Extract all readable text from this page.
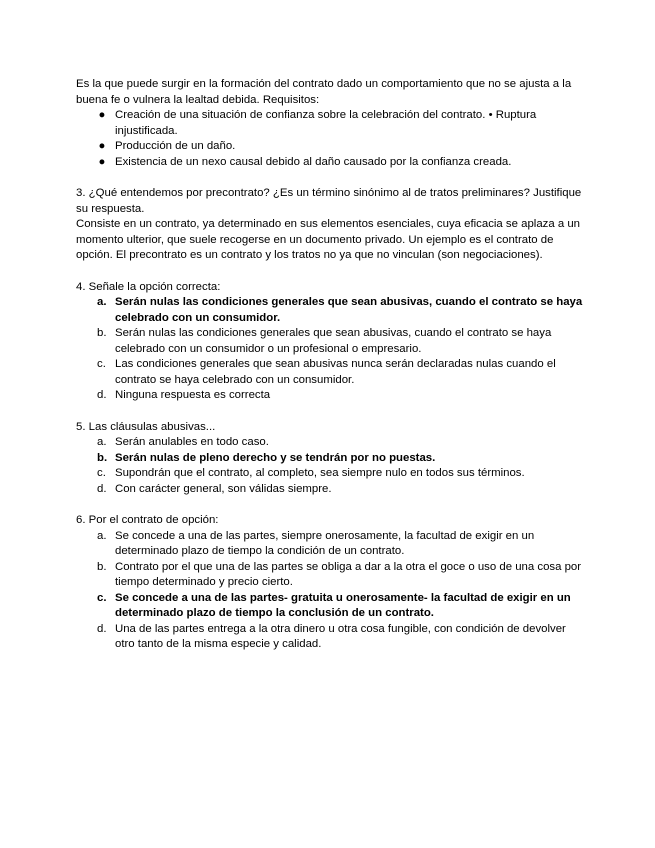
Es la que puede surgir en la formación del contrato dado un comportamiento que no se ajusta a la buena fe o vulnera la lealtad debida. Requisitos:

● Creación de una situación de confianza sobre la celebración del contrato. • Ruptura injustificada.
● Producción de un daño.
● Existencia de un nexo causal debido al daño causado por la confianza creada.

3. ¿Qué entendemos por precontrato? ¿Es un término sinónimo al de tratos preliminares? Justifique su respuesta.

Consiste en un contrato, ya determinado en sus elementos esenciales, cuya eficacia se aplaza a un momento ulterior, que suele recogerse en un documento privado. Un ejemplo es el contrato de opción. El precontrato es un contrato y los tratos no ya que no vinculan (son negociaciones).

4. Señale la opción correcta:

a. Serán nulas las condiciones generales que sean abusivas, cuando el contrato se haya celebrado con un consumidor.
b. Serán nulas las condiciones generales que sean abusivas, cuando el contrato se haya celebrado con un consumidor o un profesional o empresario.
c. Las condiciones generales que sean abusivas nunca serán declaradas nulas cuando el contrato se haya celebrado con un consumidor.
d. Ninguna respuesta es correcta

5. Las cláusulas abusivas...

a. Serán anulables en todo caso.
b. Serán nulas de pleno derecho y se tendrán por no puestas.
c. Supondrán que el contrato, al completo, sea siempre nulo en todos sus términos.
d. Con carácter general, son válidas siempre.

6. Por el contrato de opción:

a. Se concede a una de las partes, siempre onerosamente, la facultad de exigir en un determinado plazo de tiempo la condición de un contrato.
b. Contrato por el que una de las partes se obliga a dar a la otra el goce o uso de una cosa por tiempo determinado y precio cierto.
c. Se concede a una de las partes- gratuita u onerosamente- la facultad de exigir en un determinado plazo de tiempo la conclusión de un contrato.
d. Una de las partes entrega a la otra dinero u otra cosa fungible, con condición de devolver otro tanto de la misma especie y calidad.
